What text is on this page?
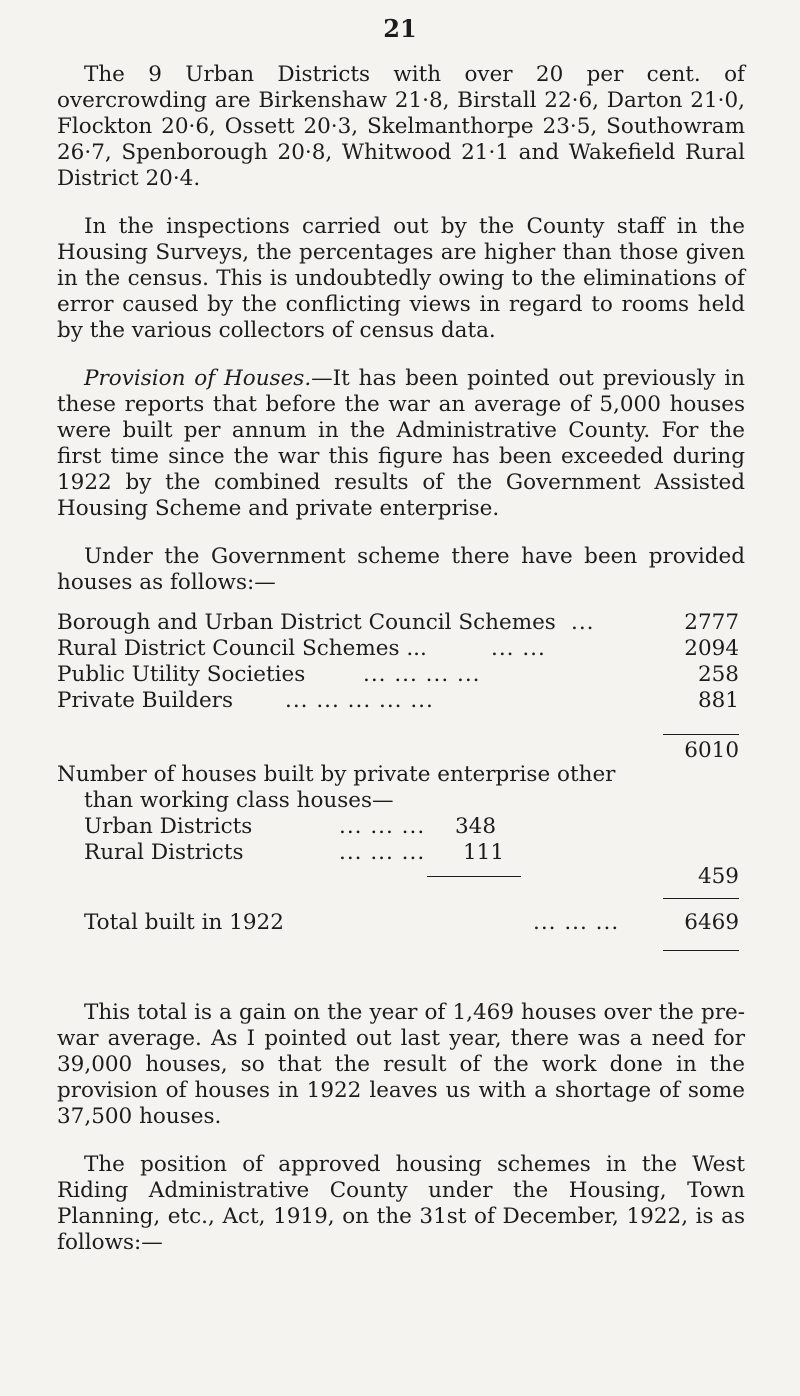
21

The 9 Urban Districts with over 20 per cent. of overcrowding are Birkenshaw 21·8, Birstall 22·6, Darton 21·0, Flockton 20·6, Ossett 20·3, Skelmanthorpe 23·5, Southowram 26·7, Spenborough 20·8, Whitwood 21·1 and Wakefield Rural District 20·4.

In the inspections carried out by the County staff in the Housing Surveys, the percentages are higher than those given in the census. This is undoubtedly owing to the eliminations of error caused by the conflicting views in regard to rooms held by the various collectors of census data.

Provision of Houses.—It has been pointed out previously in these reports that before the war an average of 5,000 houses were built per annum in the Administrative County. For the first time since the war this figure has been exceeded during 1922 by the combined results of the Government Assisted Housing Scheme and private enterprise.

Under the Government scheme there have been provided houses as follows:—

Borough and Urban District Council Schemes ...	2777
Rural District Council Schemes ...	... ...	2094
Public Utility Societies	... ... ... ...	258
Private Builders ... ... ... ... ...	881
6010
Number of houses built by private enterprise other
than working class houses—
Urban Districts	... ... ... 348
Rural Districts	... ... ... 111
459
Total built in 1922	... ... ...	6469

This total is a gain on the year of 1,469 houses over the pre-war average. As I pointed out last year, there was a need for 39,000 houses, so that the result of the work done in the provision of houses in 1922 leaves us with a shortage of some 37,500 houses.

The position of approved housing schemes in the West Riding Administrative County under the Housing, Town Planning, etc., Act, 1919, on the 31st of December, 1922, is as follows:—
